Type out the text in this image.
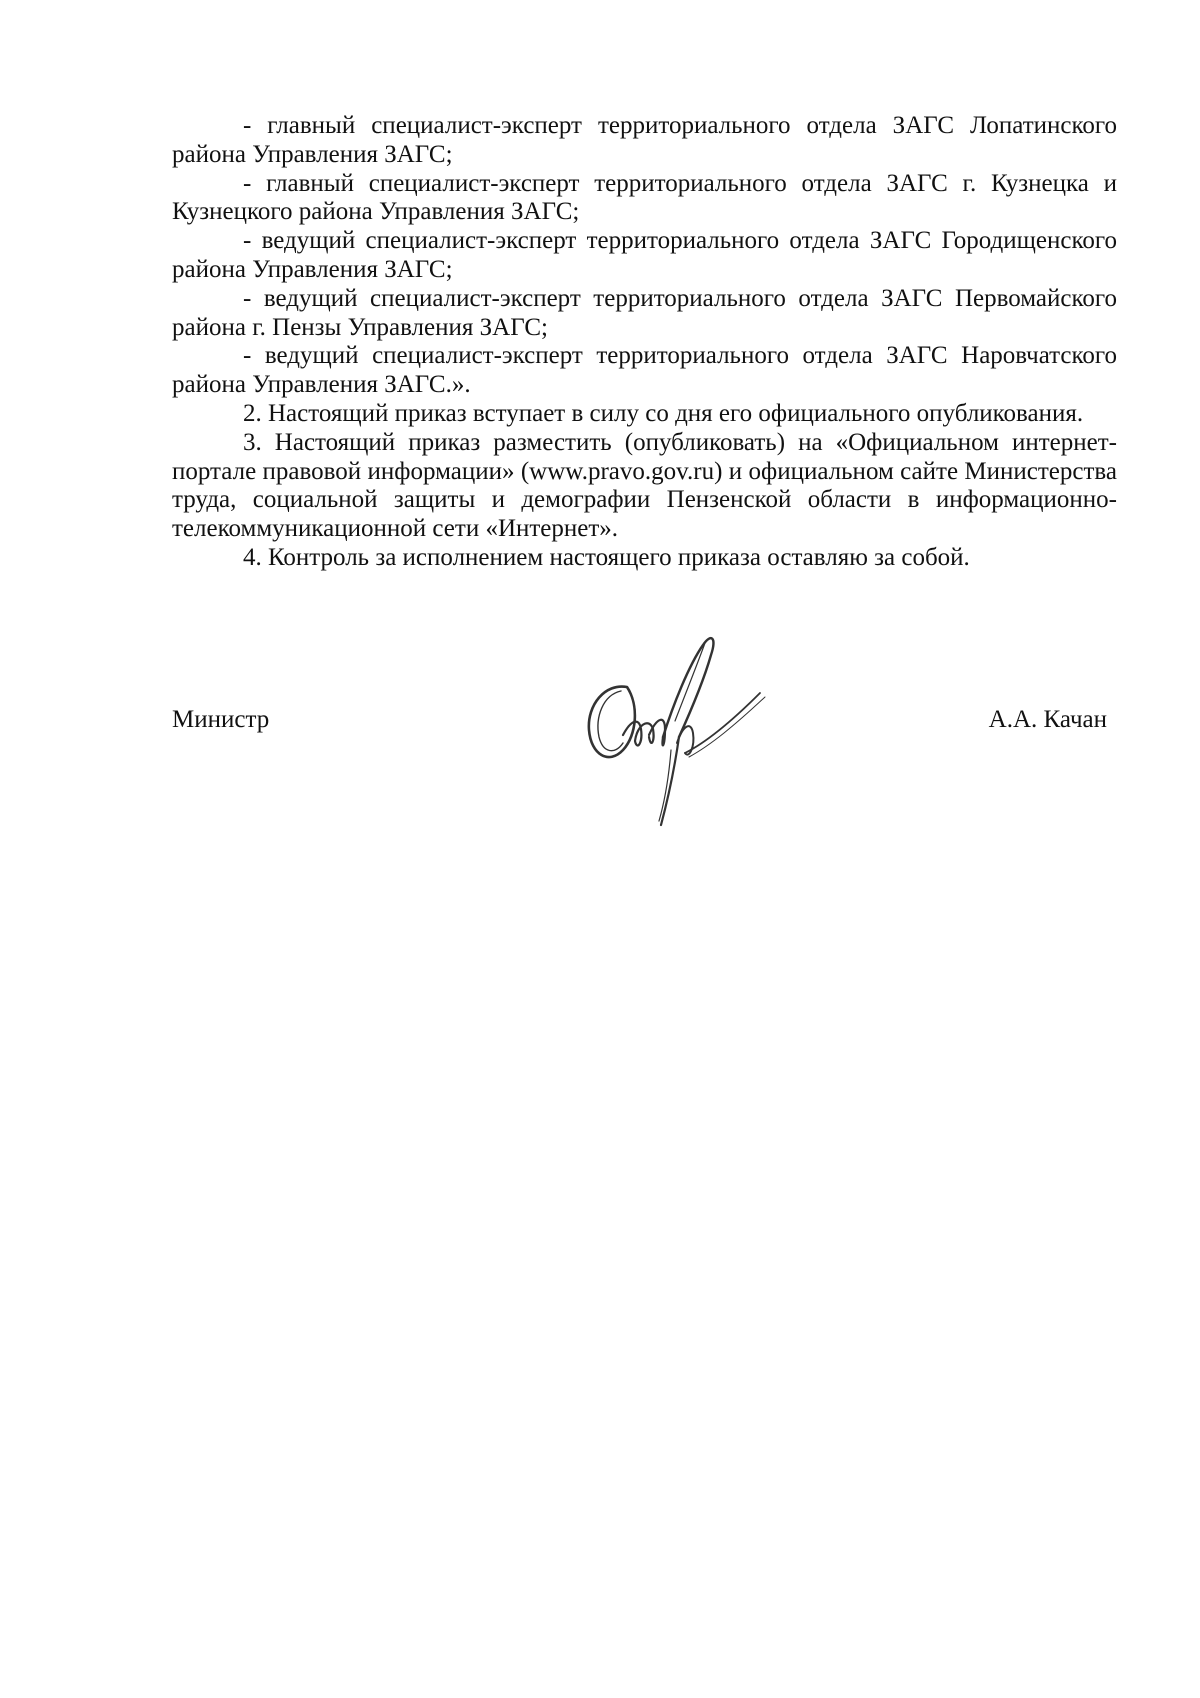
- главный специалист-эксперт территориального отдела ЗАГС Лопатинского района Управления ЗАГС;

- главный специалист-эксперт территориального отдела ЗАГС г. Кузнецка и Кузнецкого района Управления ЗАГС;

- ведущий специалист-эксперт территориального отдела ЗАГС Городищенского района Управления ЗАГС;

- ведущий специалист-эксперт территориального отдела ЗАГС Первомайского района г. Пензы Управления ЗАГС;

- ведущий специалист-эксперт территориального отдела ЗАГС Наровчатского района Управления ЗАГС.».

2. Настоящий приказ вступает в силу со дня его официального опубликования.

3. Настоящий приказ разместить (опубликовать) на «Официальном интернет-портале правовой информации» (www.pravo.gov.ru) и официальном сайте Министерства труда, социальной защиты и демографии Пензенской области в информационно-телекоммуникационной сети «Интернет».

4. Контроль за исполнением настоящего приказа оставляю за собой.

Министр	А.А. Качан
